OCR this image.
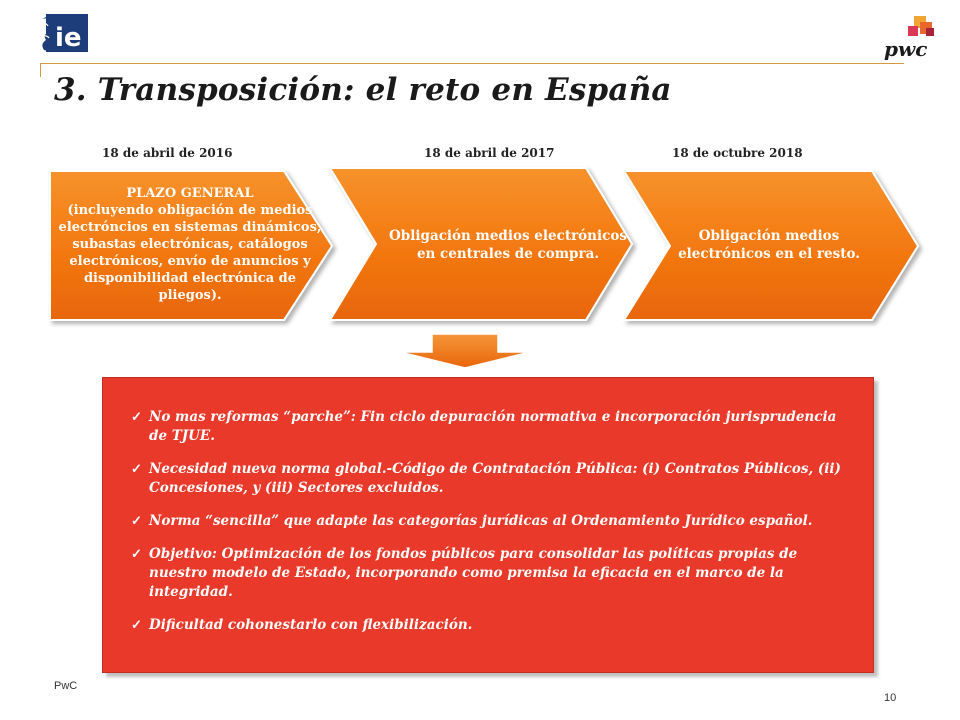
ie	pwc
3. Transposición: el reto en España
18 de abril de 2016	18 de abril de 2017	18 de octubre 2018
PLAZO GENERAL
(incluyendo obligación de medios electróncios en sistemas dinámicos, subastas electrónicas, catálogos electrónicos, envío de anuncios y disponibilidad electrónica de pliegos).
Obligación medios electrónicos en centrales de compra.
Obligación medios electrónicos en el resto.
✓ No mas reformas “parche”: Fin ciclo depuración normativa e incorporación jurisprudencia de TJUE.
✓ Necesidad nueva norma global.-Código de Contratación Pública: (i) Contratos Públicos, (ii) Concesiones, y (iii) Sectores excluidos.
✓ Norma “sencilla” que adapte las categorías jurídicas al Ordenamiento Jurídico español.
✓ Objetivo: Optimización de los fondos públicos para consolidar las políticas propias de nuestro modelo de Estado, incorporando como premisa la eficacia en el marco de la integridad.
✓ Dificultad cohonestarlo con flexibilización.
PwC
10
